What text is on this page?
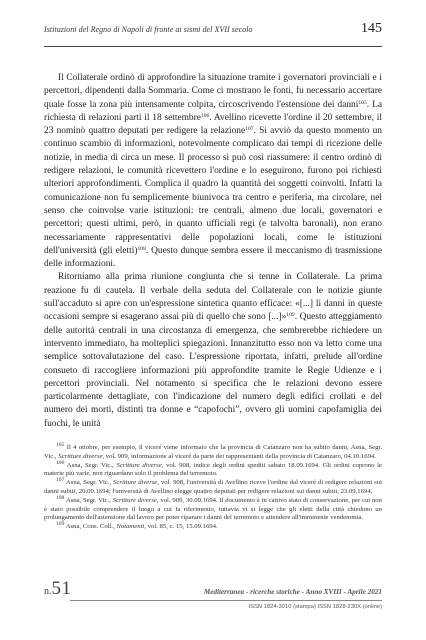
Istituzioni del Regno di Napoli di fronte ai sismi del XVII secolo	145

Il Collaterale ordinò di approfondire la situazione tramite i governatori provinciali e i percettori, dipendenti dalla Sommaria. Come ci mostrano le fonti, fu necessario accertare quale fosse la zona più intensamente colpita, circoscrivendo l'estensione dei danni$^{105}$. La richiesta di relazioni partì il 18 settembre$^{106}$. Avellino ricevette l'ordine il 20 settembre, il 23 nominò quattro deputati per redigere la relazione$^{107}$. Si avviò da questo momento un continuo scambio di informazioni, notevolmente complicato dai tempi di ricezione delle notizie, in media di circa un mese. Il processo si può così riassumere: il centro ordinò di redigere relazioni, le comunità ricevettero l'ordine e lo eseguirono, furono poi richiesti ulteriori approfondimenti. Complica il quadro la quantità dei soggetti coinvolti. Infatti la comunicazione non fu semplicemente biunivoca tra centro e periferia, ma circolare, nel senso che coinvolse varie istituzioni: tre centrali, almeno due locali, governatori e percettori; questi ultimi, però, in quanto ufficiali regi (e talvolta baronali), non erano necessariamente rappresentativi delle popolazioni locali, come le istituzioni dell'università (gli eletti)$^{108}$. Questo dunque sembra essere il meccanismo di trasmissione delle informazioni.

Ritorniamo alla prima riunione congiunta che si tenne in Collaterale. La prima reazione fu di cautela. Il verbale della seduta del Collaterale con le notizie giunte sull'accaduto si apre con un'espressione sintetica quanto efficace: «[...] li danni in queste occasioni sempre si esagerano assai più di quello che sono [...]»$^{109}$. Questo atteggiamento delle autorità centrali in una circostanza di emergenza, che sembrerebbe richiedere un intervento immediato, ha molteplici spiegazioni. Innanzitutto esso non va letto come una semplice sottovalutazione del caso. L'espressione riportata, infatti, prelude all'ordine consueto di raccogliere informazioni più approfondite tramite le Regie Udienze e i percettori provinciali. Nel notamento si specifica che le relazioni devono essere particolarmente dettagliate, con l'indicazione del numero degli edifici crollati e del numero dei morti, distinti tra donne e “capofochi”, ovvero gli uomini capofamiglia dei fuochi, le unità

$^{105}$ Il 4 ottobre, per esempio, il viceré viene informato che la provincia di Catanzaro non ha subito danni, Asna, Segr. Vic., Scritture diverse, vol. 909, informazione al viceré da parte dei rappresentanti della provincia di Catanzaro, 04.10.1694.

$^{106}$ Asna, Segr. Vic., Scritture diverse, vol. 908, indice degli ordini spediti sabato 18.09.1694. Gli ordini coprono le materie più varie, non riguardano solo il problema del terremoto.

$^{107}$ Asna, Segr. Vic., Scritture diverse, vol. 908, l'università di Avellino riceve l'ordine dal viceré di redigere relazioni sui danni subiti, 20.09.1694; l'università di Avellino elegge quattro deputati per redigere relazioni sui danni subiti, 23.09.1694.

$^{108}$ Asna, Segr. Vic., Scritture diverse, vol. 909, 30.09.1694. Il documento è in cattivo stato di conservazione, per cui non è stato possibile comprendere il luogo a cui fa riferimento, tuttavia vi si legge che gli eletti della città chiedono un prolungamento dell'astensione dal lavoro per poter riparare i danni del terremoto e attendere all'imminente vendemmia.

$^{109}$ Asna, Cons. Coll., Notamenti, vol. 85, c. 15, 15.09.1694.

n.51	Mediterranea - ricerche storiche - Anno XVIII - Aprile 2021
ISSN 1824-3010 (stampa) ISSN 1828-230X (online)
